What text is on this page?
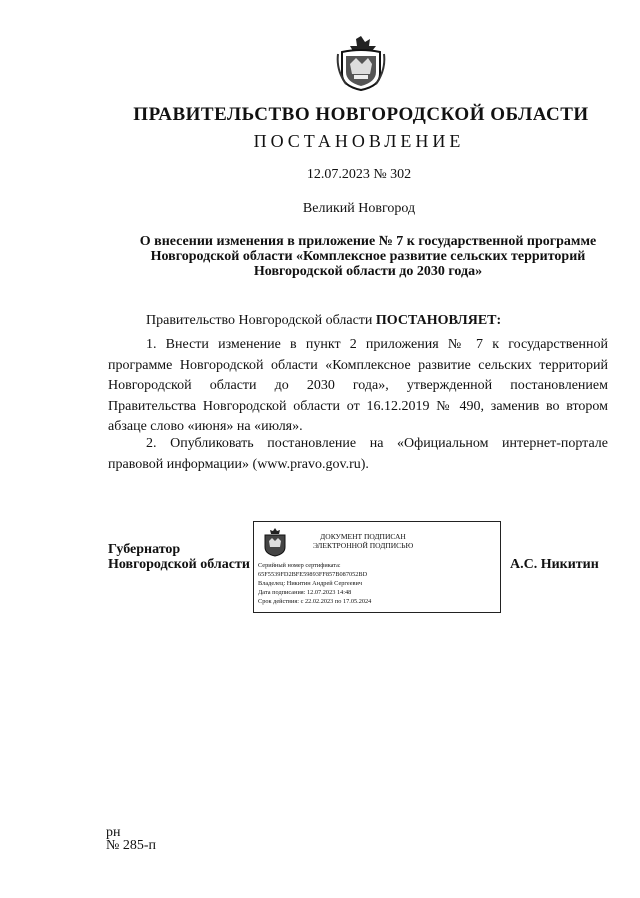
ПРАВИТЕЛЬСТВО НОВГОРОДСКОЙ ОБЛАСТИ
ПОСТАНОВЛЕНИЕ
12.07.2023 № 302
Великий Новгород
О внесении изменения в приложение № 7 к государственной программе
Новгородской области «Комплексное развитие сельских территорий
Новгородской области до 2030 года»
Правительство Новгородской области ПОСТАНОВЛЯЕТ:
1. Внести изменение в пункт 2 приложения № 7 к государственной программе Новгородской области «Комплексное развитие сельских территорий Новгородской области до 2030 года», утвержденной постановлением Правительства Новгородской области от 16.12.2019 № 490, заменив во втором абзаце слово «июня» на «июля».
2. Опубликовать постановление на «Официальном интернет-портале правовой информации» (www.pravo.gov.ru).
Губернатор
Новгородской области
ДОКУМЕНТ ПОДПИСАН
ЭЛЕКТРОННОЙ ПОДПИСЬЮ
Серийный номер сертификата:
65F5539FD2BFE59893FF857B087052BD
Владелец: Никитин Андрей Сергеевич
Дата подписания: 12.07.2023 14:48
Срок действия: с 22.02.2023 по 17.05.2024
А.С. Никитин
рн
№ 285-п
